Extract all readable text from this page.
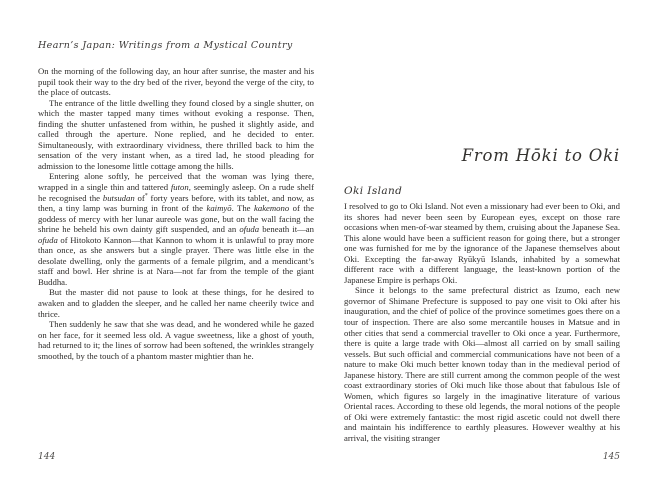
Hearn’s Japan: Writings from a Mystical Country

On the morning of the following day, an hour after sunrise, the master and his pupil took their way to the dry bed of the river, beyond the verge of the city, to the place of outcasts.

The entrance of the little dwelling they found closed by a single shutter, on which the master tapped many times without evoking a response. Then, finding the shutter unfastened from within, he pushed it slightly aside, and called through the aperture. None replied, and he decided to enter. Simultaneously, with extraordinary vividness, there thrilled back to him the sensation of the very instant when, as a tired lad, he stood pleading for admission to the lonesome little cottage among the hills.

Entering alone softly, he perceived that the woman was lying there, wrapped in a single thin and tattered futon, seemingly asleep. On a rude shelf he recognised the butsudan of* forty years before, with its tablet, and now, as then, a tiny lamp was burning in front of the kaimyō. The kakemono of the goddess of mercy with her lunar aureole was gone, but on the wall facing the shrine he beheld his own dainty gift suspended, and an ofuda beneath it—an ofuda of Hitokoto Kannon—that Kannon to whom it is unlawful to pray more than once, as she answers but a single prayer. There was little else in the desolate dwelling, only the garments of a female pilgrim, and a mendicant’s staff and bowl. Her shrine is at Nara—not far from the temple of the giant Buddha.

But the master did not pause to look at these things, for he desired to awaken and to gladden the sleeper, and he called her name cheerily twice and thrice.

Then suddenly he saw that she was dead, and he wondered while he gazed on her face, for it seemed less old. A vague sweetness, like a ghost of youth, had returned to it; the lines of sorrow had been softened, the wrinkles strangely smoothed, by the touch of a phantom master mightier than he.

144
From Hōki to Oki
Oki Island

I resolved to go to Oki Island. Not even a missionary had ever been to Oki, and its shores had never been seen by European eyes, except on those rare occasions when men-of-war steamed by them, cruising about the Japanese Sea. This alone would have been a sufficient reason for going there, but a stronger one was furnished for me by the ignorance of the Japanese themselves about Oki. Excepting the far-away Ryūkyū Islands, inhabited by a somewhat different race with a different language, the least-known portion of the Japanese Empire is perhaps Oki.

Since it belongs to the same prefectural district as Izumo, each new governor of Shimane Prefecture is supposed to pay one visit to Oki after his inauguration, and the chief of police of the province sometimes goes there on a tour of inspection. There are also some mercantile houses in Matsue and in other cities that send a commercial traveller to Oki once a year. Furthermore, there is quite a large trade with Oki—almost all carried on by small sailing vessels. But such official and commercial communications have not been of a nature to make Oki much better known today than in the medieval period of Japanese history. There are still current among the common people of the west coast extraordinary stories of Oki much like those about that fabulous Isle of Women, which figures so largely in the imaginative literature of various Oriental races. According to these old legends, the moral notions of the people of Oki were extremely fantastic: the most rigid ascetic could not dwell there and maintain his indifference to earthly pleasures. However wealthy at his arrival, the visiting stranger

145
